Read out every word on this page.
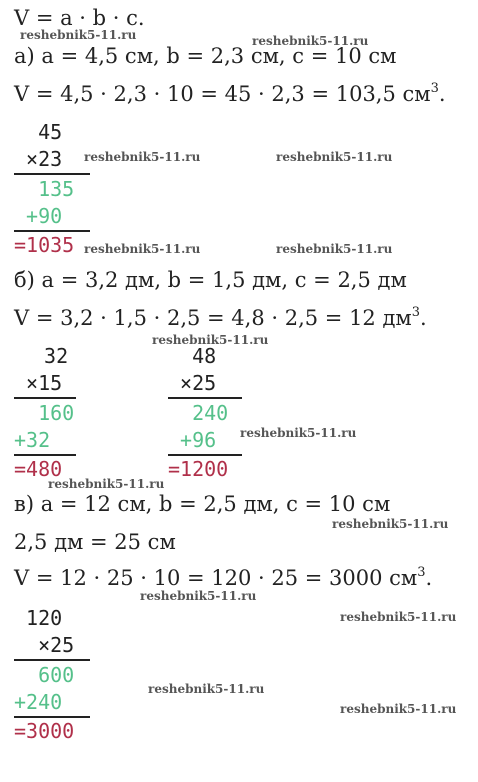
V = a · b · c.
а) a = 4,5 см, b = 2,3 см, c = 10 см
V = 4,5 · 2,3 · 10 = 45 · 2,3 = 103,5 $см^3$.
45
×23
135
+90
=1035
б) a = 3,2 дм, b = 1,5 дм, c = 2,5 дм
V = 3,2 · 1,5 · 2,5 = 4,8 · 2,5 = 12 $дм^3$.
32
×15
160
+32
=480
48
×25
240
+96
=1200
в) a = 12 см, b = 2,5 дм, c = 10 см
2,5 дм = 25 см
V = 12 · 25 · 10 = 120 · 25 = 3000 $см^3$.
120
×25
600
+240
=3000
reshebnik5-11.ru	reshebnik5-11.ru
reshebnik5-11.ru	reshebnik5-11.ru
reshebnik5-11.ru	reshebnik5-11.ru
reshebnik5-11.ru
reshebnik5-11.ru
reshebnik5-11.ru
reshebnik5-11.ru
reshebnik5-11.ru
reshebnik5-11.ru
reshebnik5-11.ru
reshebnik5-11.ru
